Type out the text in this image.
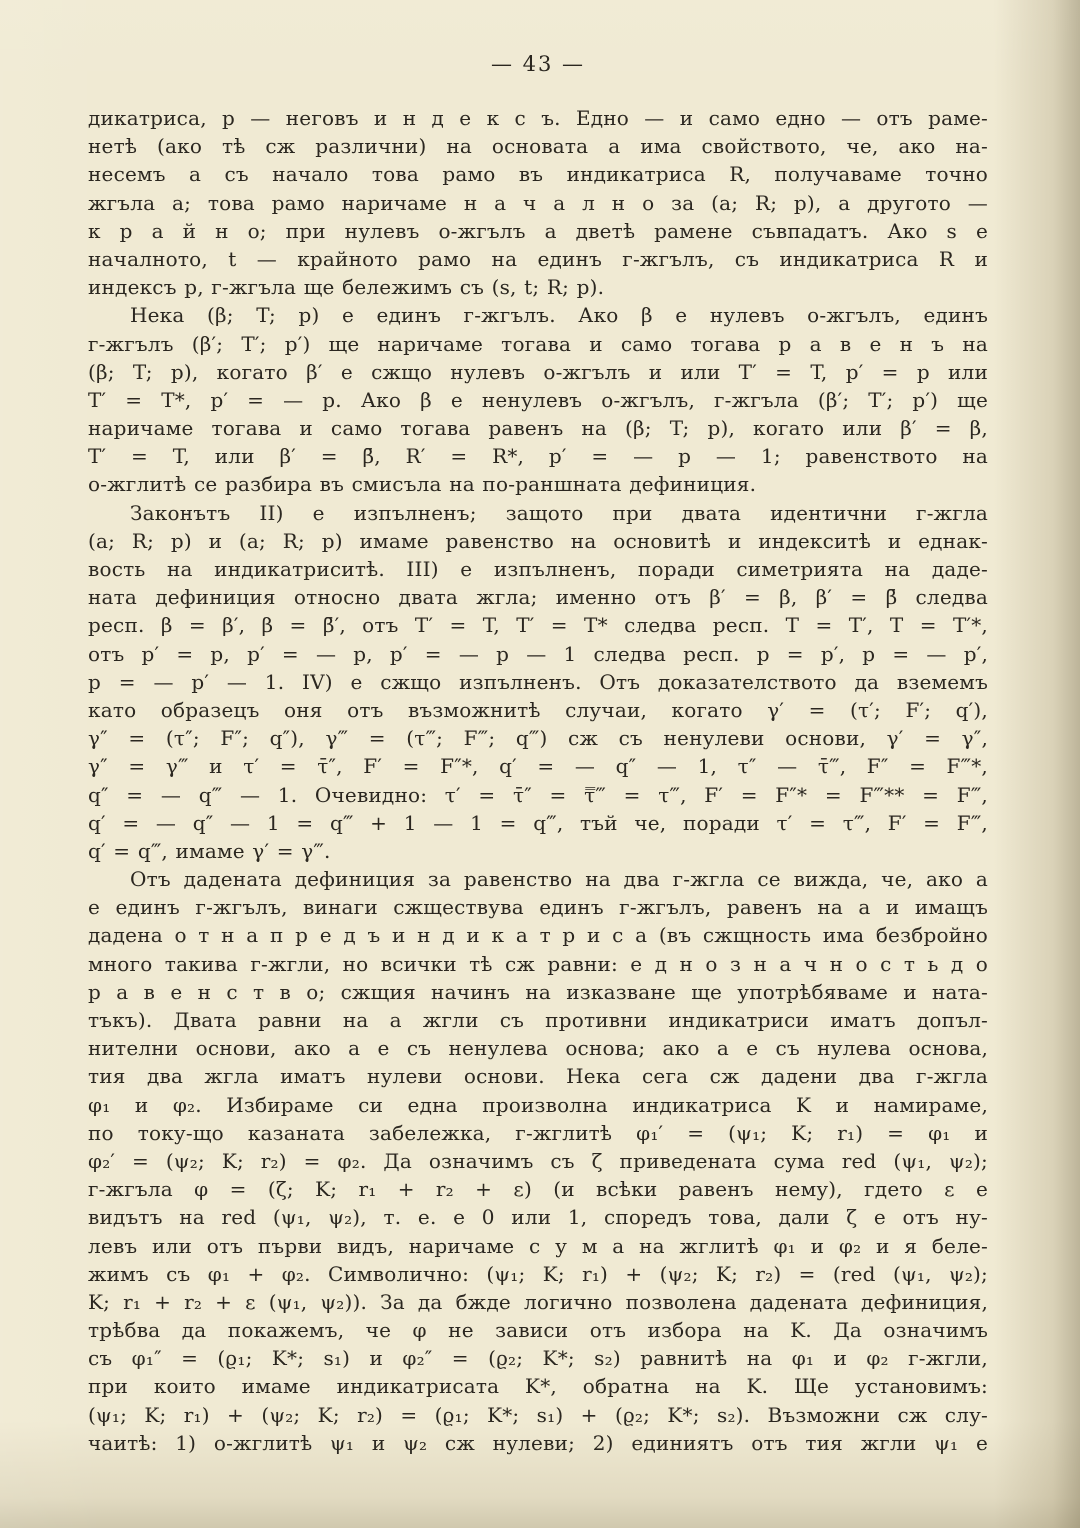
— 43 —
дикатриса, p — неговъ и н д е к с ъ. Едно — и само едно — отъ раме-
нетѣ (ако тѣ сж различни) на основата a има свойството, че, ако на-
несемъ a съ начало това рамо въ индикатриса R, получаваме точно
жгъла a; това рамо наричаме н а ч а л н о за (a; R; p), а другото —
к р а й н о; при нулевъ о-жгълъ a дветѣ рамене съвпадатъ. Ако s е
началното, t — крайното рамо на единъ г-жгълъ, съ индикатриса R и
индексъ p, г-жгъла ще бележимъ съ (s, t; R; p).
Нека (β; T; p) е единъ г-жгълъ. Ако β е нулевъ о-жгълъ, единъ
г-жгълъ (β′; T′; p′) ще наричаме тогава и само тогава р а в е н ъ на
(β; T; p), когато β′ е сжщо нулевъ о-жгълъ и или T′ = T, p′ = p или
T′ = T*, p′ = — p. Ако β е ненулевъ о-жгълъ, г-жгъла (β′; T′; p′) ще
наричаме тогава и само тогава равенъ на (β; T; p), когато или β′ = β,
T′ = T, или β′ = β̄, R′ = R*, p′ = — p — 1; равенството на
о-жглитѣ се разбира въ смисъла на по-раншната дефиниция.
Законътъ II) е изпълненъ; защото при двата идентични г-жгла
(a; R; p) и (a; R; p) имаме равенство на основитѣ и индекситѣ и еднак-
вость на индикатриситѣ. III) е изпълненъ, поради симетрията на даде-
ната дефиниция относно двата жгла; именно отъ β′ = β, β′ = β̄ следва
респ. β = β′, β = β̄′, отъ T′ = T, T′ = T* следва респ. T = T′, T = T′*,
отъ p′ = p, p′ = — p, p′ = — p — 1 следва респ. p = p′, p = — p′,
p = — p′ — 1. IV) е сжщо изпълненъ. Отъ доказателството да вземемъ
като образецъ оня отъ възможнитѣ случаи, когато γ′ = (τ′; F′; q′),
γ″ = (τ″; F″; q″), γ‴ = (τ‴; F‴; q‴) сж съ ненулеви основи, γ′ = γ″,
γ″ = γ‴ и τ′ = τ̄″, F′ = F″*, q′ = — q″ — 1, τ″ — τ̄‴, F″ = F‴*,
q″ = — q‴ — 1. Очевидно: τ′ = τ̄″ = τ̿‴ = τ‴, F′ = F″* = F‴** = F‴,
q′ = — q″ — 1 = q‴ + 1 — 1 = q‴, тъй че, поради τ′ = τ‴, F′ = F‴,
q′ = q‴, имаме γ′ = γ‴.
Отъ дадената дефиниция за равенство на два г-жгла се вижда, че, ако a
е единъ г-жгълъ, винаги сжществува единъ г-жгълъ, равенъ на a и имащъ
дадена о т н а п р е д ъ и н д и к а т р и с а (въ сжщность има безбройно
много такива г-жгли, но всички тѣ сж равни: е д н о з н а ч н о с т ь д о
р а в е н с т в о; сжщия начинъ на изказване ще употрѣбяваме и ната-
тъкъ). Двата равни на a жгли съ противни индикатриси иматъ допъл-
нителни основи, ако a е съ ненулева основа; ако a е съ нулева основа,
тия два жгла иматъ нулеви основи. Нека сега сж дадени два г-жгла
φ₁ и φ₂. Избираме си една произволна индикатриса K и намираме,
по току-що казаната забележка, г-жглитѣ φ₁′ = (ψ₁; K; r₁) = φ₁ и
φ₂′ = (ψ₂; K; r₂) = φ₂. Да означимъ съ ζ приведената сума red (ψ₁, ψ₂);
г-жгъла φ = (ζ; K; r₁ + r₂ + ε) (и всѣки равенъ нему), гдето ε е
видътъ на red (ψ₁, ψ₂), т. е. е 0 или 1, споредъ това, дали ζ е отъ ну-
левъ или отъ първи видъ, наричаме с у м а на жглитѣ φ₁ и φ₂ и я беле-
жимъ съ φ₁ + φ₂. Символично: (ψ₁; K; r₁) + (ψ₂; K; r₂) = (red (ψ₁, ψ₂);
K; r₁ + r₂ + ε (ψ₁, ψ₂)). За да бжде логично позволена дадената дефиниция,
трѣбва да покажемъ, че φ не зависи отъ избора на K. Да означимъ
съ φ₁″ = (ϱ₁; K*; s₁) и φ₂″ = (ϱ₂; K*; s₂) равнитѣ на φ₁ и φ₂ г-жгли,
при които имаме индикатрисата K*, обратна на K. Ще установимъ:
(ψ₁; K; r₁) + (ψ₂; K; r₂) = (ϱ₁; K*; s₁) + (ϱ₂; K*; s₂). Възможни сж слу-
чаитѣ: 1) о-жглитѣ ψ₁ и ψ₂ сж нулеви; 2) единиятъ отъ тия жгли ψ₁ е
